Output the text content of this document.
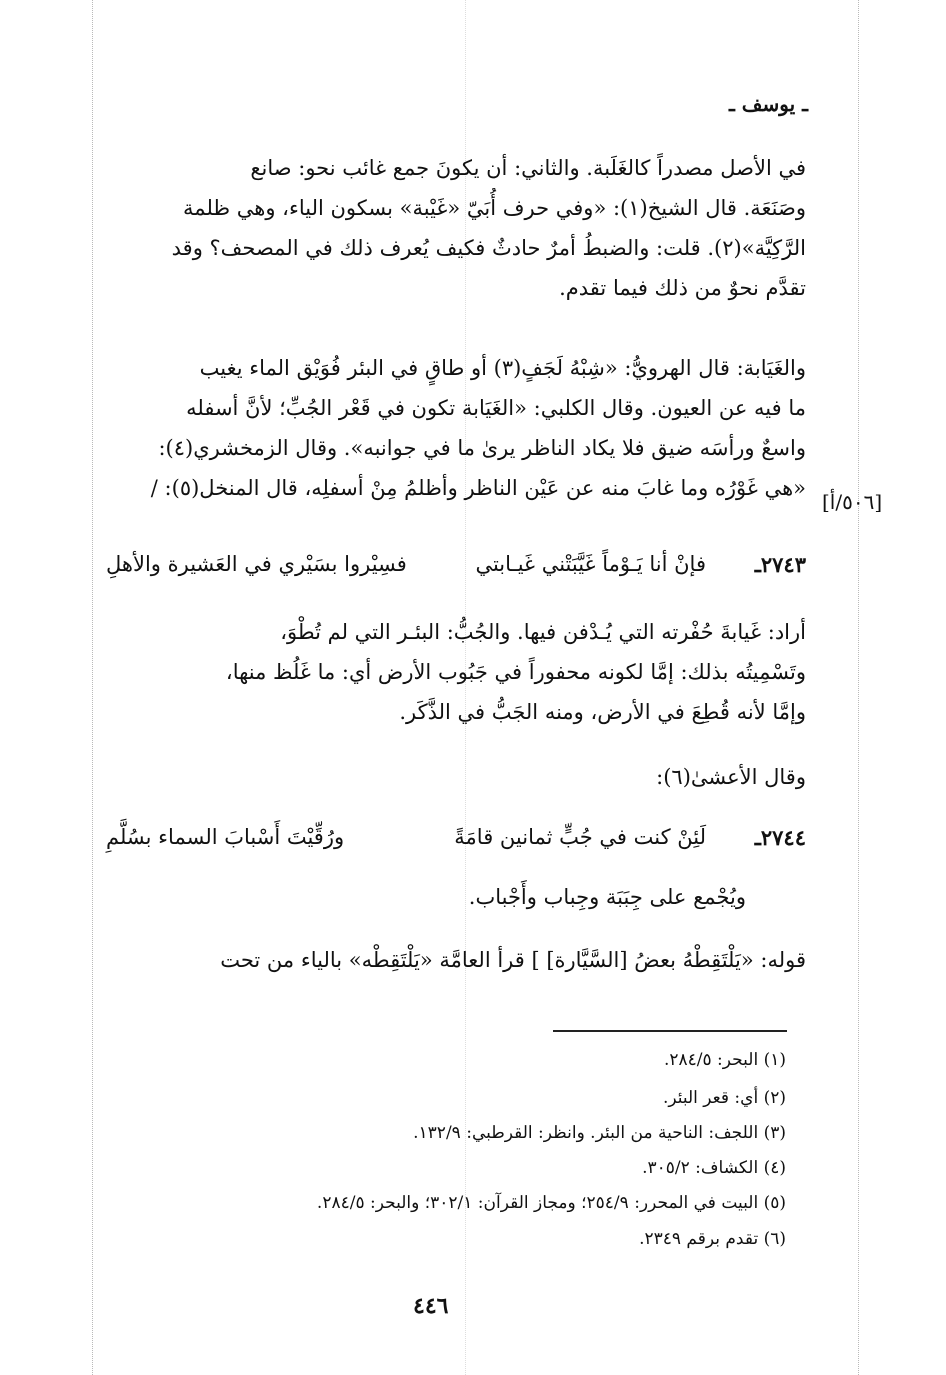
ـ يوسف ـ
في الأصل مصدراً كالغَلَبة. والثاني: أن يكونَ جمع غائب نحو: صانع
وصَنَعَة. قال الشيخ(١): «وفي حرف أُبَيّ «غَيْبة» بسكون الياء، وهي ظلمة
الرَّكِيَّة»(٢). قلت: والضبطُ أمرٌ حادثٌ فكيف يُعرف ذلك في المصحف؟ وقد
تقدَّم نحوٌ من ذلك فيما تقدم.
والغَيَابة: قال الهرويُّ: «شِبْهُ لَجَفٍ(٣) أو طاقٍ في البئر فُوَيْق الماء يغيب
ما فيه عن العيون. وقال الكلبي: «الغَيَابة تكون في قَعْر الجُبِّ؛ لأنَّ أسفله
واسعٌ ورأسَه ضيق فلا يكاد الناظر يرىٰ ما في جوانبه». وقال الزمخشري(٤):
«هي غَوْرُه وما غابَ منه عن عَيْن الناظر وأظلمُ مِنْ أسفلِه، قال المنخل(٥): /
[٥٠٦/أ]
٢٧٤٣ـ
فإنْ أنا يَـوْماً غَيَّبَتْني غَيـابتي
فسِيْروا بسَيْري في العَشيرة والأهلِ
أراد: غَيابةَ حُفْرته التي يُـدْفن فيها. والجُبُّ: البئـر التي لم تُطْوَ،
وتَسْمِيتُه بذلك: إمَّا لكونه محفوراً في جَبُوب الأرض أي: ما غَلُظ منها،
وإمَّا لأنه قُطِعَ في الأرض، ومنه الجَبُّ في الذَّكَر.
وقال الأعشىٰ(٦):
٢٧٤٤ـ
لَئِنْ كنت في جُبٍّ ثمانين قامَةً
ورُقِّيْتَ أَسْبابَ السماء بسُلَّمِ
ويُجْمع على جِبَبَة وجِباب وأَجْباب.
قوله: «يَلْتَقِطْهُ بعضُ [السَّيَّارة] ] قرأ العامَّة «يَلْتَقِطْه» بالياء من تحت
(١) البحر: ٢٨٤/٥.
(٢) أي: قعر البئر.
(٣) اللجف: الناحية من البئر. وانظر: القرطبي: ١٣٢/٩.
(٤) الكشاف: ٣٠٥/٢.
(٥) البيت في المحرر: ٢٥٤/٩؛ ومجاز القرآن: ٣٠٢/١؛ والبحر: ٢٨٤/٥.
(٦) تقدم برقم ٢٣٤٩.
٤٤٦
